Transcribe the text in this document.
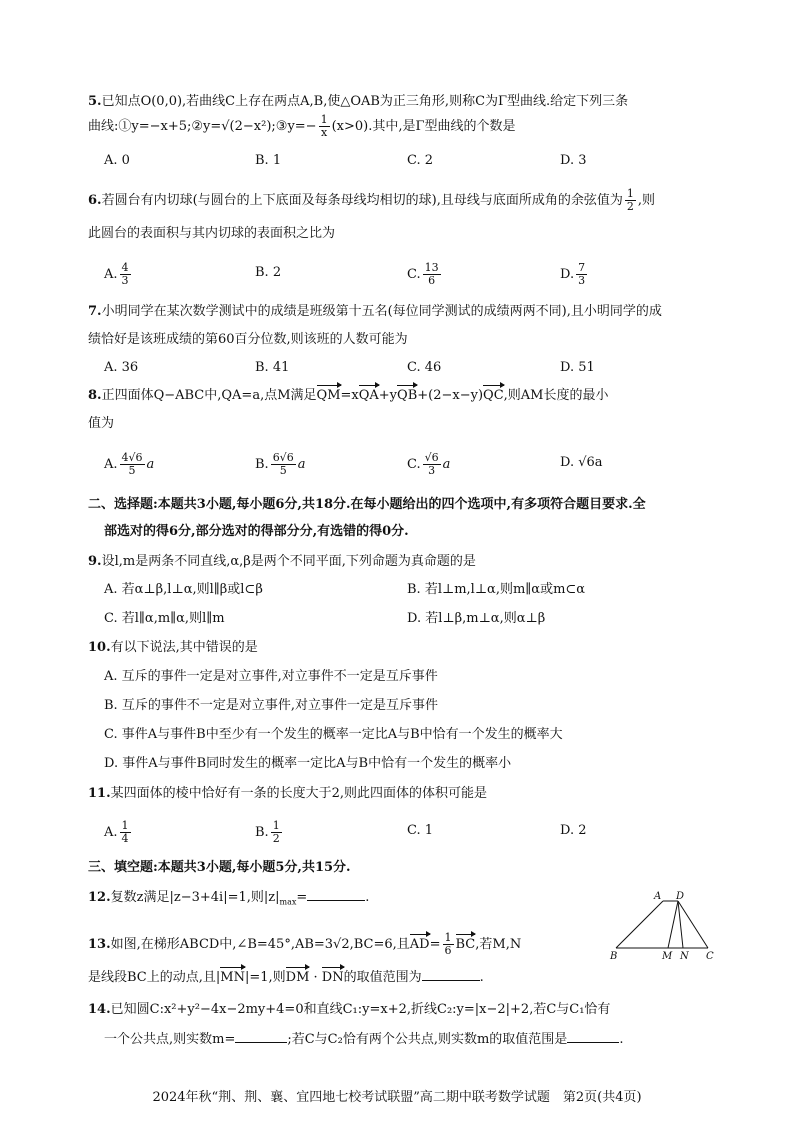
5.已知点O(0,0),若曲线C上存在两点A,B,使△OAB为正三角形,则称C为Γ型曲线.给定下列三条
曲线:①y=−x+5;②y=√(2−x²);③y=− $\frac{1}{x} (x>0)$.其中,是Γ型曲线的个数是
A. 0	B. 1	C. 2	D. 3
6.若圆台有内切球(与圆台的上下底面及每条母线均相切的球),且母线与底面所成角的余弦值为 $\frac{1}{2}$ ,则
此圆台的表面积与其内切球的表面积之比为
A. $\frac{4}{3}$	B. 2	C. $\frac{13}{6}$	D. $\frac{7}{3}$
7.小明同学在某次数学测试中的成绩是班级第十五名(每位同学测试的成绩两两不同),且小明同学的成
绩恰好是该班成绩的第60百分位数,则该班的人数可能为
A. 36	B. 41	C. 46	D. 51
8.正四面体Q−ABC中,QA=a,点M满足QM=xQA+yQB+(2−x−y)QC,则AM长度的最小
值为
A. $\frac{4√6}{5}$ a	B. $\frac{6√6}{5}$ a	C. $\frac{√6}{3}$ a	D. √6a
二、选择题:本题共3小题,每小题6分,共18分.在每小题给出的四个选项中,有多项符合题目要求.全
部选对的得6分,部分选对的得部分分,有选错的得0分.
9.设l,m是两条不同直线,α,β是两个不同平面,下列命题为真命题的是
A. 若α⊥β,l⊥α,则l∥β或l⊂β	B. 若l⊥m,l⊥α,则m∥α或m⊂α
C. 若l∥α,m∥α,则l∥m	D. 若l⊥β,m⊥α,则α⊥β
10.有以下说法,其中错误的是
A. 互斥的事件一定是对立事件,对立事件不一定是互斥事件
B. 互斥的事件不一定是对立事件,对立事件一定是互斥事件
C. 事件A与事件B中至少有一个发生的概率一定比A与B中恰有一个发生的概率大
D. 事件A与事件B同时发生的概率一定比A与B中恰有一个发生的概率小
11.某四面体的棱中恰好有一条的长度大于2,则此四面体的体积可能是
A. $\frac{1}{4}$	B. $\frac{1}{2}$	C. 1	D. 2
三、填空题:本题共3小题,每小题5分,共15分.
12.复数z满足|z−3+4i|=1,则$|z|_{max}=$	.
13.如图,在梯形ABCD中,∠B=45°,AB=3√2,BC=6,且$AD= \frac{1}{6}$ BC,若M,N
是线段BC上的动点,且|MN|=1,则DM · DN的取值范围为	.
A D
B	M N C
14.已知圆C:x²+y²−4x−2my+4=0和直线C₁:y=x+2,折线C₂:y=|x−2|+2,若C与C₁恰有
一个公共点,则实数m=	;若C与C₂恰有两个公共点,则实数m的取值范围是	.
2024年秋“荆、荆、襄、宜四地七校考试联盟”高二期中联考数学试题　第2页(共4页)
